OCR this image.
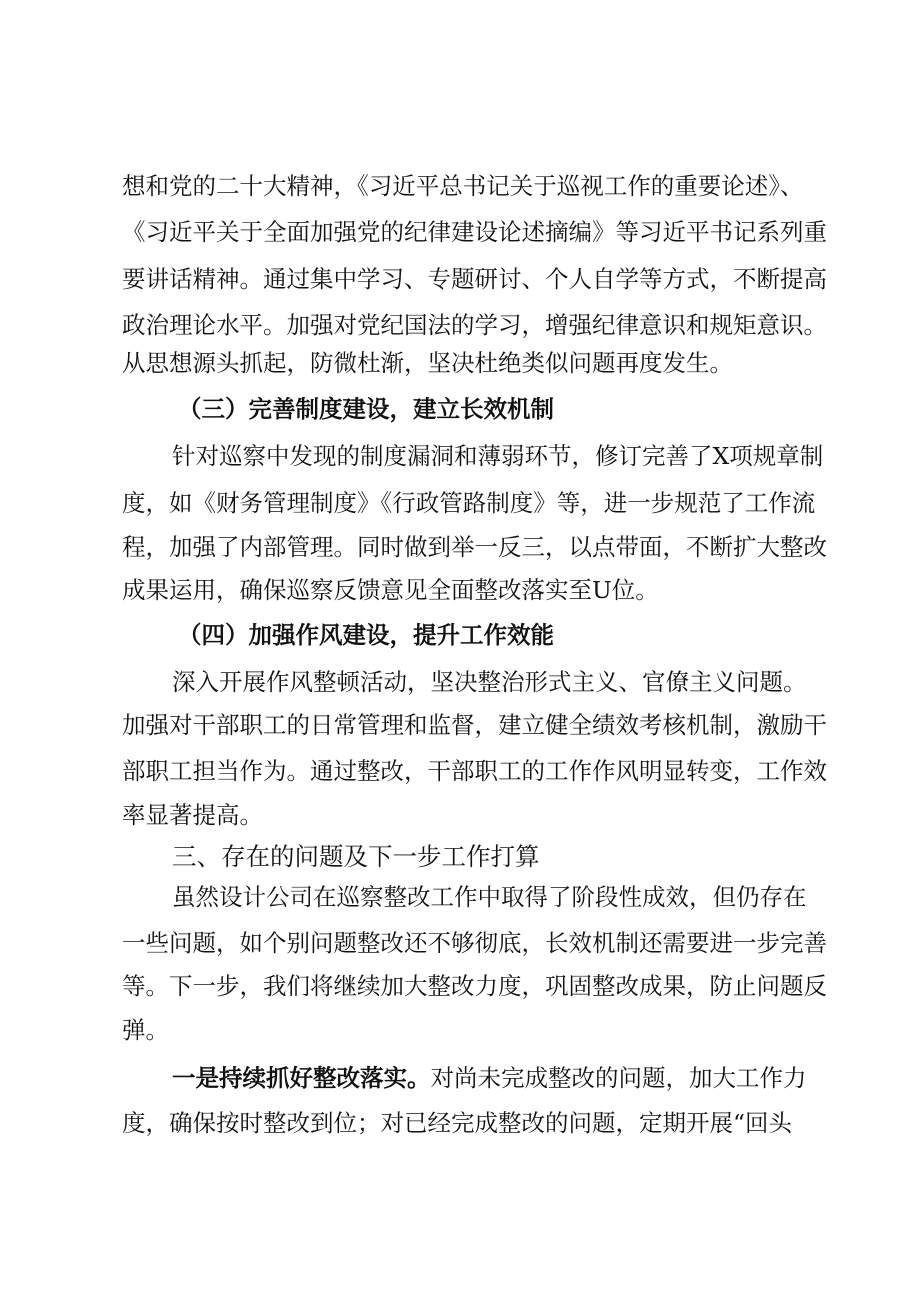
想和党的二十大精神，《习近平总书记关于巡视工作的重要论述》、
《习近平关于全面加强党的纪律建设论述摘编》等习近平书记系列重
要讲话精神。通过集中学习、专题研讨、个人自学等方式，不断提高
政治理论水平。加强对党纪国法的学习，增强纪律意识和规矩意识。
从思想源头抓起，防微杜渐，坚决杜绝类似问题再度发生。
（三）完善制度建设，建立长效机制
针对巡察中发现的制度漏洞和薄弱环节，修订完善了X项规章制
度，如《财务管理制度》《行政管路制度》等，进一步规范了工作流
程，加强了内部管理。同时做到举一反三，以点带面，不断扩大整改
成果运用，确保巡察反馈意见全面整改落实至U位。
（四）加强作风建设，提升工作效能
深入开展作风整顿活动，坚决整治形式主义、官僚主义问题。
加强对干部职工的日常管理和监督，建立健全绩效考核机制，激励干
部职工担当作为。通过整改，干部职工的工作作风明显转变，工作效
率显著提高。
三、存在的问题及下一步工作打算
虽然设计公司在巡察整改工作中取得了阶段性成效，但仍存在
一些问题，如个别问题整改还不够彻底，长效机制还需要进一步完善
等。下一步，我们将继续加大整改力度，巩固整改成果，防止问题反
弹。
一是持续抓好整改落实。对尚未完成整改的问题，加大工作力
度，确保按时整改到位；对已经完成整改的问题，定期开展“回头
